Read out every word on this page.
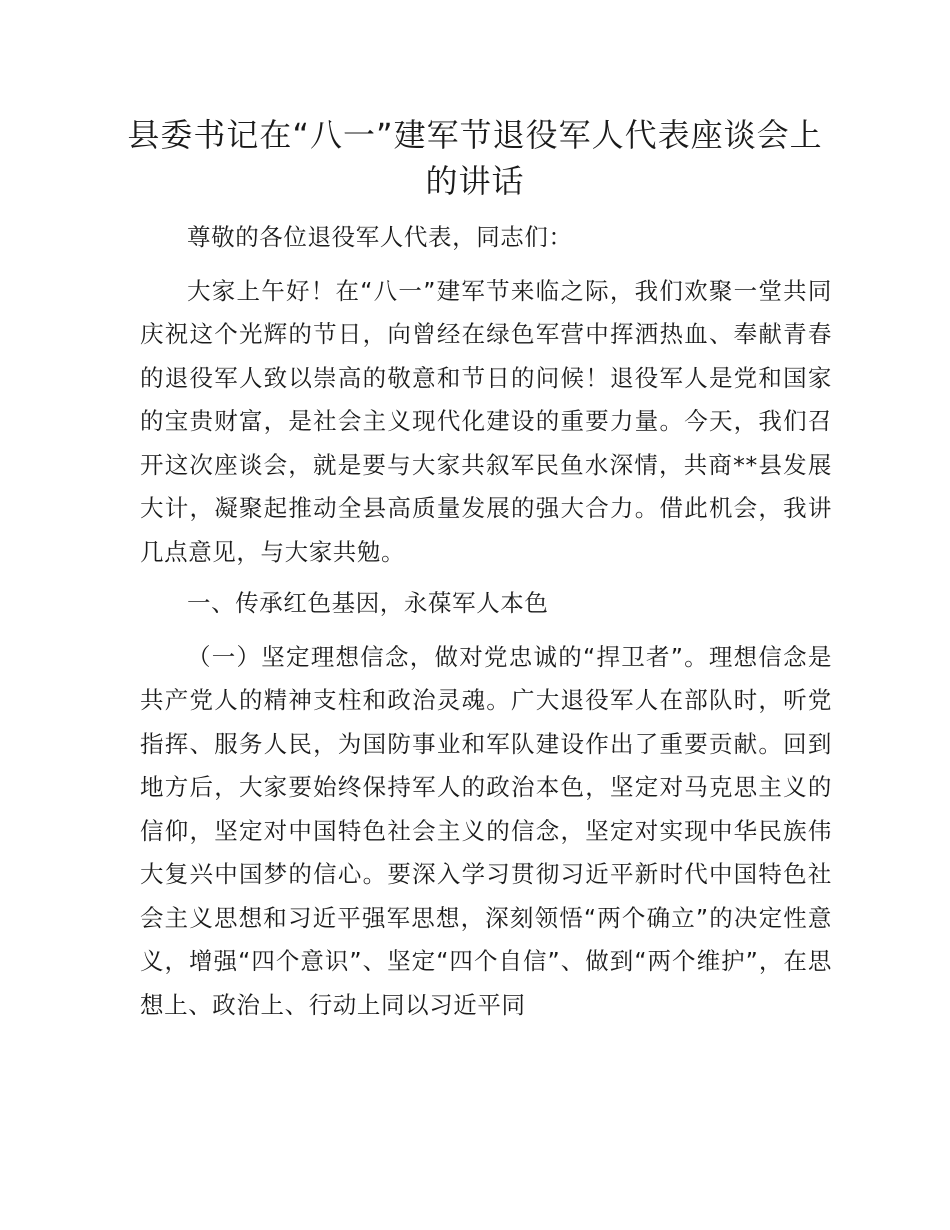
县委书记在“八一”建军节退役军人代表座谈会上的讲话

尊敬的各位退役军人代表，同志们：

大家上午好！在“八一”建军节来临之际，我们欢聚一堂共同庆祝这个光辉的节日，向曾经在绿色军营中挥洒热血、奉献青春的退役军人致以崇高的敬意和节日的问候！退役军人是党和国家的宝贵财富，是社会主义现代化建设的重要力量。今天，我们召开这次座谈会，就是要与大家共叙军民鱼水深情，共商**县发展大计，凝聚起推动全县高质量发展的强大合力。借此机会，我讲几点意见，与大家共勉。

一、传承红色基因，永葆军人本色

（一）坚定理想信念，做对党忠诚的“捍卫者”。理想信念是共产党人的精神支柱和政治灵魂。广大退役军人在部队时，听党指挥、服务人民，为国防事业和军队建设作出了重要贡献。回到地方后，大家要始终保持军人的政治本色，坚定对马克思主义的信仰，坚定对中国特色社会主义的信念，坚定对实现中华民族伟大复兴中国梦的信心。要深入学习贯彻习近平新时代中国特色社会主义思想和习近平强军思想，深刻领悟“两个确立”的决定性意义，增强“四个意识”、坚定“四个自信”、做到“两个维护”，在思想上、政治上、行动上同以习近平同
